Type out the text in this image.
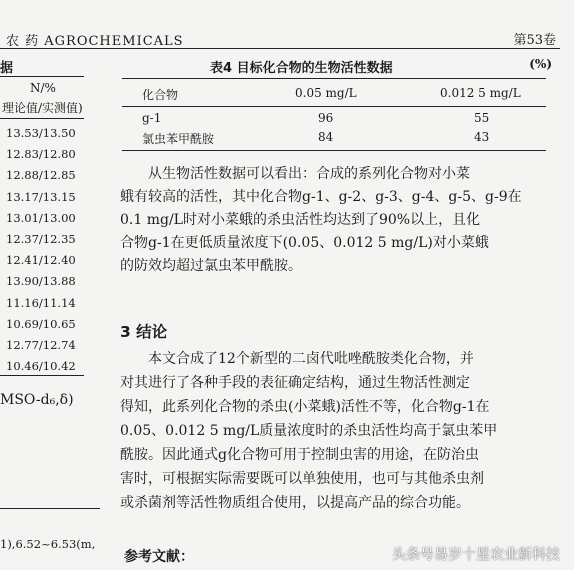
农 药 AGROCHEMICALS	第53卷
据
N/%
理论值/实测值)
13.53/13.50
12.83/12.80
12.88/12.85
13.17/13.15
13.01/13.00
12.37/12.35
12.41/12.40
13.90/13.88
11.16/11.14
10.69/10.65
12.77/12.74
10.46/10.42
MSO-d₆,δ)
1),6.52~6.53(m,
表4 目标化合物的生物活性数据	(%)
化合物	0.05 mg/L	0.012 5 mg/L
g-1	96	55
氯虫苯甲酰胺	84	43
从生物活性数据可以看出：合成的系列化合物对小菜
蛾有较高的活性，其中化合物g-1、g-2、g-3、g-4、g-5、g-9在
0.1 mg/L时对小菜蛾的杀虫活性均达到了90%以上，且化
合物g-1在更低质量浓度下(0.05、0.012 5 mg/L)对小菜蛾
的防效均超过氯虫苯甲酰胺。
3 结论
本文合成了12个新型的二卤代吡唑酰胺类化合物，并
对其进行了各种手段的表征确定结构，通过生物活性测定
得知，此系列化合物的杀虫(小菜蛾)活性不等，化合物g-1在
0.05、0.012 5 mg/L质量浓度时的杀虫活性均高于氯虫苯甲
酰胺。因此通式g化合物可用于控制虫害的用途，在防治虫
害时，可根据实际需要既可以单独使用，也可与其他杀虫剂
或杀菌剂等活性物质组合使用，以提高产品的综合功能。
参考文献：	头条号易岁十星农业新科技
